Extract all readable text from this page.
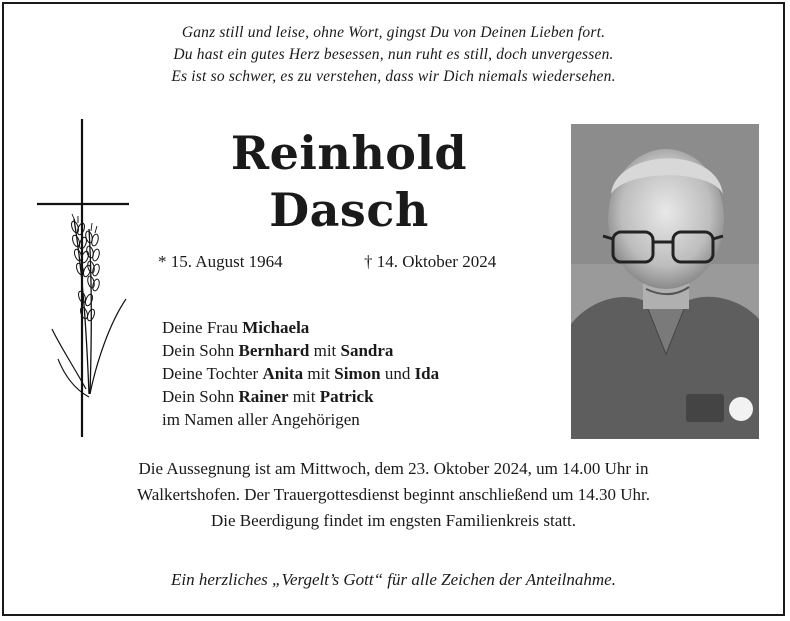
Ganz still und leise, ohne Wort, gingst Du von Deinen Lieben fort.
Du hast ein gutes Herz besessen, nun ruht es still, doch unvergessen.
Es ist so schwer, es zu verstehen, dass wir Dich niemals wiedersehen.
Reinhold
Dasch
* 15. August 1964	† 14. Oktober 2024
Deine Frau Michaela
Dein Sohn Bernhard mit Sandra
Deine Tochter Anita mit Simon und Ida
Dein Sohn Rainer mit Patrick
im Namen aller Angehörigen
Die Aussegnung ist am Mittwoch, dem 23. Oktober 2024, um 14.00 Uhr in
Walkertshofen. Der Trauergottesdienst beginnt anschließend um 14.30 Uhr.
Die Beerdigung findet im engsten Familienkreis statt.
Ein herzliches „Vergelt’s Gott“ für alle Zeichen der Anteilnahme.
